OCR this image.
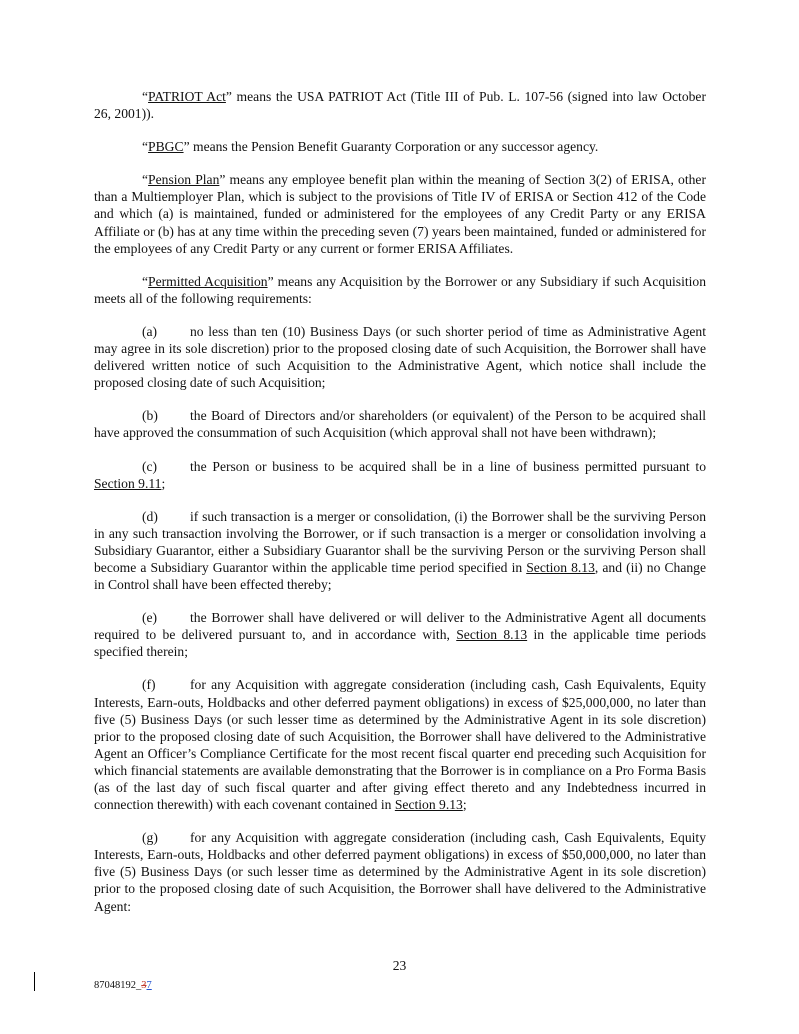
“PATRIOT Act” means the USA PATRIOT Act (Title III of Pub. L. 107-56 (signed into law October 26, 2001)).

“PBGC” means the Pension Benefit Guaranty Corporation or any successor agency.

“Pension Plan” means any employee benefit plan within the meaning of Section 3(2) of ERISA, other than a Multiemployer Plan, which is subject to the provisions of Title IV of ERISA or Section 412 of the Code and which (a) is maintained, funded or administered for the employees of any Credit Party or any ERISA Affiliate or (b) has at any time within the preceding seven (7) years been maintained, funded or administered for the employees of any Credit Party or any current or former ERISA Affiliates.

“Permitted Acquisition” means any Acquisition by the Borrower or any Subsidiary if such Acquisition meets all of the following requirements:

(a) no less than ten (10) Business Days (or such shorter period of time as Administrative Agent may agree in its sole discretion) prior to the proposed closing date of such Acquisition, the Borrower shall have delivered written notice of such Acquisition to the Administrative Agent, which notice shall include the proposed closing date of such Acquisition;

(b) the Board of Directors and/or shareholders (or equivalent) of the Person to be acquired shall have approved the consummation of such Acquisition (which approval shall not have been withdrawn);

(c) the Person or business to be acquired shall be in a line of business permitted pursuant to Section 9.11;

(d) if such transaction is a merger or consolidation, (i) the Borrower shall be the surviving Person in any such transaction involving the Borrower, or if such transaction is a merger or consolidation involving a Subsidiary Guarantor, either a Subsidiary Guarantor shall be the surviving Person or the surviving Person shall become a Subsidiary Guarantor within the applicable time period specified in Section 8.13, and (ii) no Change in Control shall have been effected thereby;

(e) the Borrower shall have delivered or will deliver to the Administrative Agent all documents required to be delivered pursuant to, and in accordance with, Section 8.13 in the applicable time periods specified therein;

(f)	for any Acquisition with aggregate consideration (including cash, Cash Equivalents, Equity Interests, Earn-outs, Holdbacks and other deferred payment obligations) in excess of $25,000,000, no later than five (5) Business Days (or such lesser time as determined by the Administrative Agent in its sole discretion) prior to the proposed closing date of such Acquisition, the Borrower shall have delivered to the Administrative Agent an Officer’s Compliance Certificate for the most recent fiscal quarter end preceding such Acquisition for which financial statements are available demonstrating that the Borrower is in compliance on a Pro Forma Basis (as of the last day of such fiscal quarter and after giving effect thereto and any Indebtedness incurred in connection therewith) with each covenant contained in Section 9.13;

(g) for any Acquisition with aggregate consideration (including cash, Cash Equivalents, Equity Interests, Earn-outs, Holdbacks and other deferred payment obligations) in excess of $50,000,000, no later than five (5) Business Days (or such lesser time as determined by the Administrative Agent in its sole discretion) prior to the proposed closing date of such Acquisition, the Borrower shall have delivered to the Administrative Agent:

23
87048192_37
